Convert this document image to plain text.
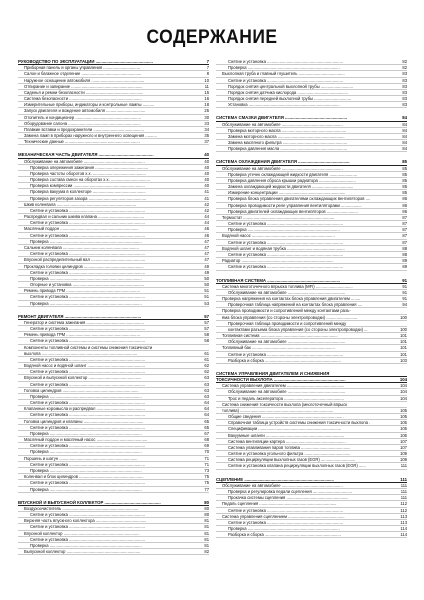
СОДЕРЖАНИЕ
РУКОВОДСТВО ПО ЭКСПЛУАТАЦИИ ................................................	7
Приборная панель и органы управления ................................	7
Салон и багажное отделение ....................................................	8
Наружное оснащение автомобиля ..............................................	10
Отпирание и запирание ..............................................................	11
Сиденья и ремни безопасности ..................................................	15
Система безопасности ...............................................................	16
Измерительные приборы, индикаторы и контрольные лампы ..........	18
Запуск двигателя и вождение автомобиля ..................................	25
Отопитель и кондиционер .........................................................	30
Оборудование салона ...............................................................	33
Плавкие вставки и предохранители ............................................	34
Замена ламп в приборах наружного и внутреннего освещения ..........	35
Технические данные .................................................................	37
МЕХАНИЧЕСКАЯ ЧАСТЬ ДВИГАТЕЛЯ ..............................................	40
Обслуживание на автомобиле .....................................................	40
Проверка опережения зажигания ..............................................	40
Проверка частоты оборотов х.х. ..............................................	40
Проверка состава смеси на оборотах х.х. ..................................	40
Проверка компрессии ..............................................................	40
Проверка вакуума в коллекторе ..............................................	41
Проверка регуляторов зазора ..................................................	41
Шкив коленвала .....................................................................	42
Снятие и установка ..................................................................	42
Распредвал и сальник шкива клапана ........................................	44
Снятие и установка ..................................................................	44
Масляный поддон ....................................................................	46
Снятие и установка ..................................................................	46
Проверка ................................................................................	47
Сальник коленвала ..................................................................	47
Снятие и установка ..................................................................	47
Впускной распределительный вал ...............................................	47
Прокладка головки цилиндров ....................................................	49
Снятие и установка ..................................................................	49
Проверка ................................................................................	50
Опорные и установка ..............................................................	50
Ремень привода ГРМ ................................................................	51
Снятие и установка ..................................................................	51
Проверка ................................................................................	53
РЕМОНТ ДВИГАТЕЛЯ ................................................................	57
Генератор и система зажигания ..................................................	57
Снятие и установка ..................................................................	57
Ремень привода ГРМ ................................................................	58
Снятие и установка ..................................................................	58
Компоненты топливной системы и системы снижения токсичности
выхлопа ...................................................................................	61
Снятие и установка ..................................................................	61
Водяной насос и водяной шланг ..................................................	62
Снятие и установка ..................................................................	62
Впускной и выпускной коллектор ..............................................	63
Снятие и установка ..................................................................	63
Головка цилиндров ..................................................................	63
Проверка ................................................................................	63
Снятие и установка ..................................................................	64
Клапанные коромысла и распредвал ..........................................	64
Снятие и установка ..................................................................	64
Головка цилиндров и клапаны ....................................................	65
Снятие и установка ..................................................................	65
Проверка ................................................................................	67
Масляный поддон и масляный насос ............................................	68
Снятие и установка ..................................................................	69
Проверка ................................................................................	70
Поршень и шатун ....................................................................	71
Снятие и установка ..................................................................	71
Проверка ................................................................................	73
Коленвал и блок цилиндров ........................................................	75
Снятие и установка ..................................................................	75
Проверка ................................................................................	77
ВПУСКНОЙ И ВЫПУСКНОЙ КОЛЛЕКТОР ...............................................	80
Воздухоочиститель ..................................................................	80
Снятие и установка ..................................................................	80
Верхняя часть впускного коллектора ............................................	81
Снятие и установка ..................................................................	81
Впускной коллектор ..................................................................	81
Снятие и установка ..................................................................	81
Проверка ................................................................................	81
Выпускной коллектор ................................................................	82
Снятие и установка ..................................................................	82
Проверка ................................................................................	82
Выхлопная труба и главный глушитель ........................................	83
Снятие и установка ..................................................................	83
Порядок снятия центральной выхлопной трубы ............................	83
Порядок снятия датчика кислорода ............................................	83
Порядок снятия передней выхлопной трубы ................................	83
Установка ...............................................................................	83
СИСТЕМА СМАЗКИ ДВИГАТЕЛЯ ....................................................	84
Обслуживание на автомобиле .....................................................	84
Проверка моторного масла ........................................................	84
Замена моторного масла ..........................................................	84
Замена масляного фильтра ........................................................	84
Проверка давления масла ..........................................................	84
СИСТЕМА ОХЛАЖДЕНИЯ ДВИГАТЕЛЯ ...........................................	85
Обслуживание на автомобиле .....................................................	85
Проверка утечек охлаждающей жидкости двигателя ........................	85
Проверка давления сброса крышки радиатора ................................	85
Замена охлаждающей жидкости двигателя ....................................	85
Измерение концентрации ..........................................................	85
Проверка блока управления двигателями охлаждающих вентиляторов ....	86
Проверка проводимости реле управления вентиляторами ..................	86
Проверка двигателей охлаждающих вентиляторов ...........................	86
Термостат ...............................................................................	87
Снятие и установка ..................................................................	87
Проверка ................................................................................	87
Водяной насос ........................................................................	87
Снятие и установка ..................................................................	87
Водяной шланг и водяная трубка ..................................................	88
Снятие и установка ..................................................................	88
Радиатор ................................................................................	89
Снятие и установка ..................................................................	89
ТОПЛИВНАЯ СИСТЕМА .............................................................	91
Система многоточечного впрыска топлива (MFI) ................................	91
Обслуживание на автомобиле ..................................................	91
Проверка напряжения на контактах блока управления двигателем ........	91
Проверочная таблица напряжений на контактах блока управления ....	94
Проверка проводимости и сопротивлений между контактами разъ-
ёма блока управления (со стороны электропроводки) ...........................	100
Проверочная таблица проводимости и сопротивлений между
контактами разъема блока управления (со стороны электропроводки) ...	100
Топливная система ...................................................................	101
Обслуживание на автомобиле ..................................................	101
Топливный бак ........................................................................	101
Снятие и установка ..................................................................	101
Разборка и сборка ..................................................................	103
СИСТЕМА УПРАВЛЕНИЯ ДВИГАТЕЛЕМ И СНИЖЕНИЯ
ТОКСИЧНОСТИ ВЫХЛОПА ............................................................	104
Система управления двигателем ..................................................	104
Обслуживание на автомобиле ..................................................	104
Трос и педаль акселератора ....................................................	104
Система снижения токсичности выхлопа (многоточечный впрыск
топлива) .................................................................................	105
Общие сведения .......................................................................	105
Справочная таблица устройств системы снижения токсичности выхлопа .	105
Спецификации ........................................................................	105
Вакуумные шланги ....................................................................	106
Система вентиляции картера ....................................................	107
Система улавливания паров топлива ...........................................	107
Снятие и установка угольного фильтра ........................................	109
Система рециркуляции выхлопных газов (EGR) ..............................	109
Снятие и установка клапана рециркуляции выхлопных газов (EGR) ......	111
СЦЕПЛЕНИЕ ...........................................................................	111
Обслуживание на автомобиле .....................................................	111
Проверка и регулировка педали сцепления ..................................	111
Прокачка системы сцепления ......................................................	111
Педаль сцепления ...................................................................	112
Снятие и установка ..................................................................	112
Система управления сцеплением .................................................	113
Снятие и установка ..................................................................	113
Проверка ................................................................................	114
Разборка и сборка ..................................................................	114
